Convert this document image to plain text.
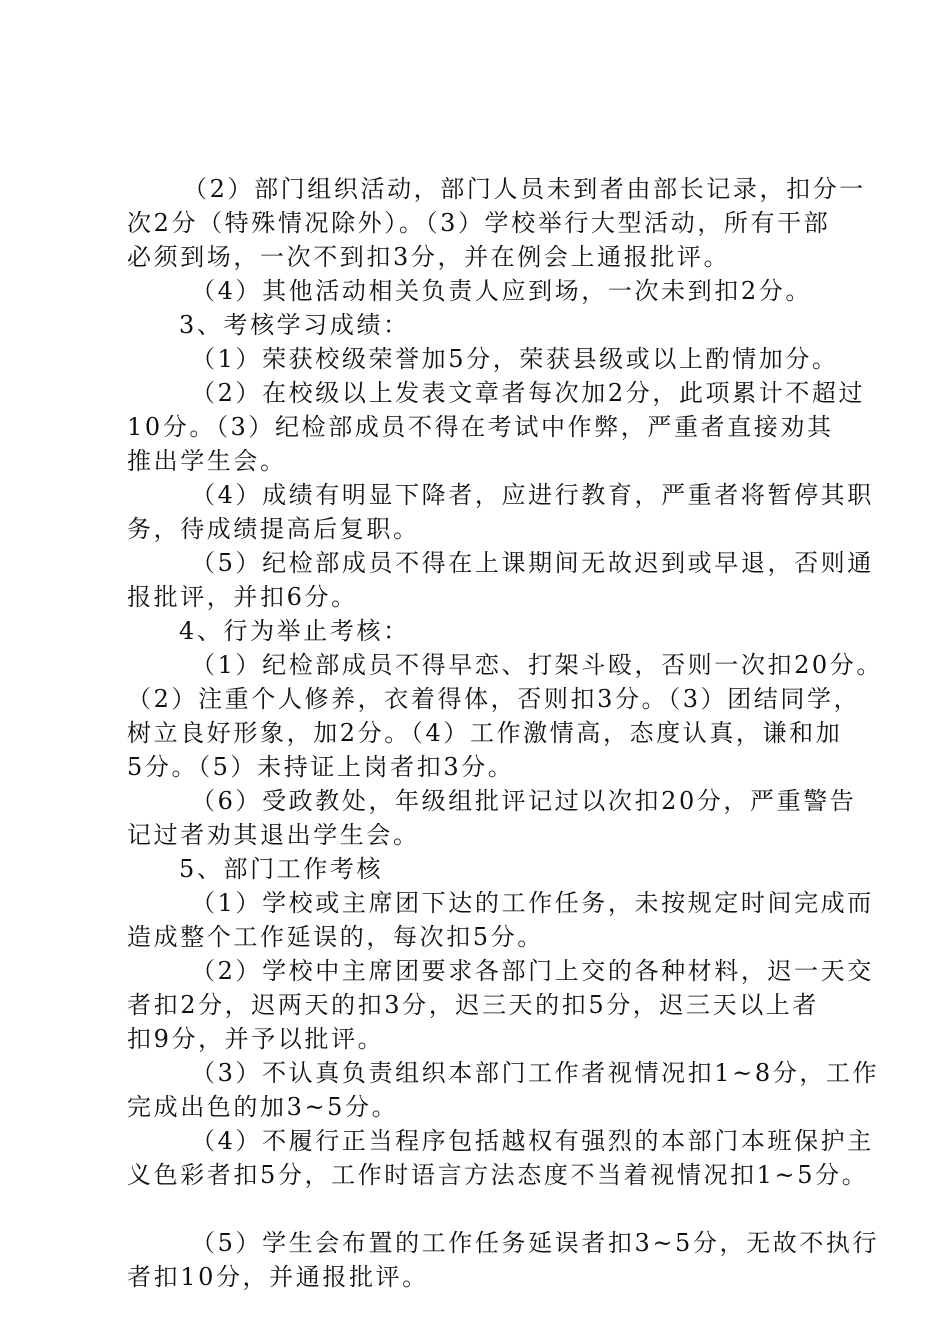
（2）部门组织活动，部门人员未到者由部长记录，扣分一
次2分（特殊情况除外）。（3）学校举行大型活动，所有干部
必须到场，一次不到扣3分，并在例会上通报批评。
（4）其他活动相关负责人应到场，一次未到扣2分。
3、考核学习成绩：
（1）荣获校级荣誉加5分，荣获县级或以上酌情加分。
（2）在校级以上发表文章者每次加2分，此项累计不超过
10分。（3）纪检部成员不得在考试中作弊，严重者直接劝其
推出学生会。
（4）成绩有明显下降者，应进行教育，严重者将暂停其职
务，待成绩提高后复职。
（5）纪检部成员不得在上课期间无故迟到或早退，否则通
报批评，并扣6分。
4、行为举止考核：
（1）纪检部成员不得早恋、打架斗殴，否则一次扣20分。
（2）注重个人修养，衣着得体，否则扣3分。（3）团结同学，
树立良好形象，加2分。（4）工作激情高，态度认真，谦和加
5分。（5）未持证上岗者扣3分。
（6）受政教处，年级组批评记过以次扣20分，严重警告
记过者劝其退出学生会。
5、部门工作考核
（1）学校或主席团下达的工作任务，未按规定时间完成而
造成整个工作延误的，每次扣5分。
（2）学校中主席团要求各部门上交的各种材料，迟一天交
者扣2分，迟两天的扣3分，迟三天的扣5分，迟三天以上者
扣9分，并予以批评。
（3）不认真负责组织本部门工作者视情况扣1~8分，工作
完成出色的加3~5分。
（4）不履行正当程序包括越权有强烈的本部门本班保护主
义色彩者扣5分，工作时语言方法态度不当着视情况扣1~5分。
（5）学生会布置的工作任务延误者扣3~5分，无故不执行
者扣10分，并通报批评。
